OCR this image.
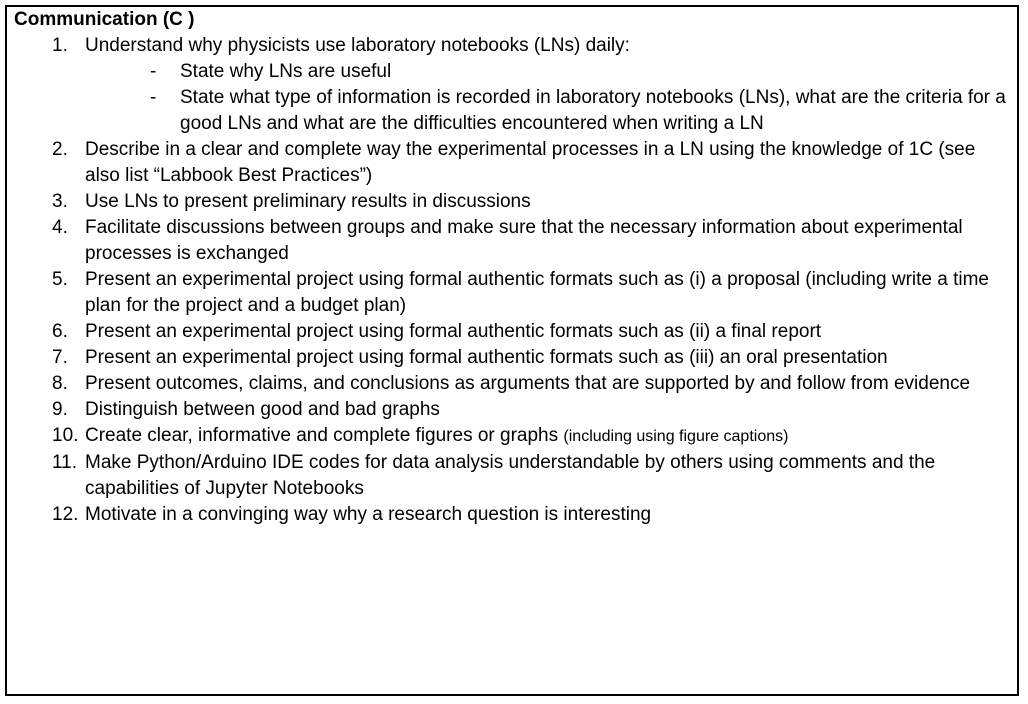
Communication (C )
1. Understand why physicists use laboratory notebooks (LNs) daily:
- State why LNs are useful
- State what type of information is recorded in laboratory notebooks (LNs), what are the criteria for a good LNs and what are the difficulties encountered when writing a LN
2. Describe in a clear and complete way the experimental processes in a LN using the knowledge of 1C (see also list “Labbook Best Practices”)
3. Use LNs to present preliminary results in discussions
4. Facilitate discussions between groups and make sure that the necessary information about experimental processes is exchanged
5. Present an experimental project using formal authentic formats such as (i) a proposal (including write a time plan for the project and a budget plan)
6. Present an experimental project using formal authentic formats such as (ii) a final report
7. Present an experimental project using formal authentic formats such as (iii) an oral presentation
8. Present outcomes, claims, and conclusions as arguments that are supported by and follow from evidence
9. Distinguish between good and bad graphs
10. Create clear, informative and complete figures or graphs (including using figure captions)
11. Make Python/Arduino IDE codes for data analysis understandable by others using comments and the capabilities of Jupyter Notebooks
12. Motivate in a convinging way why a research question is interesting
